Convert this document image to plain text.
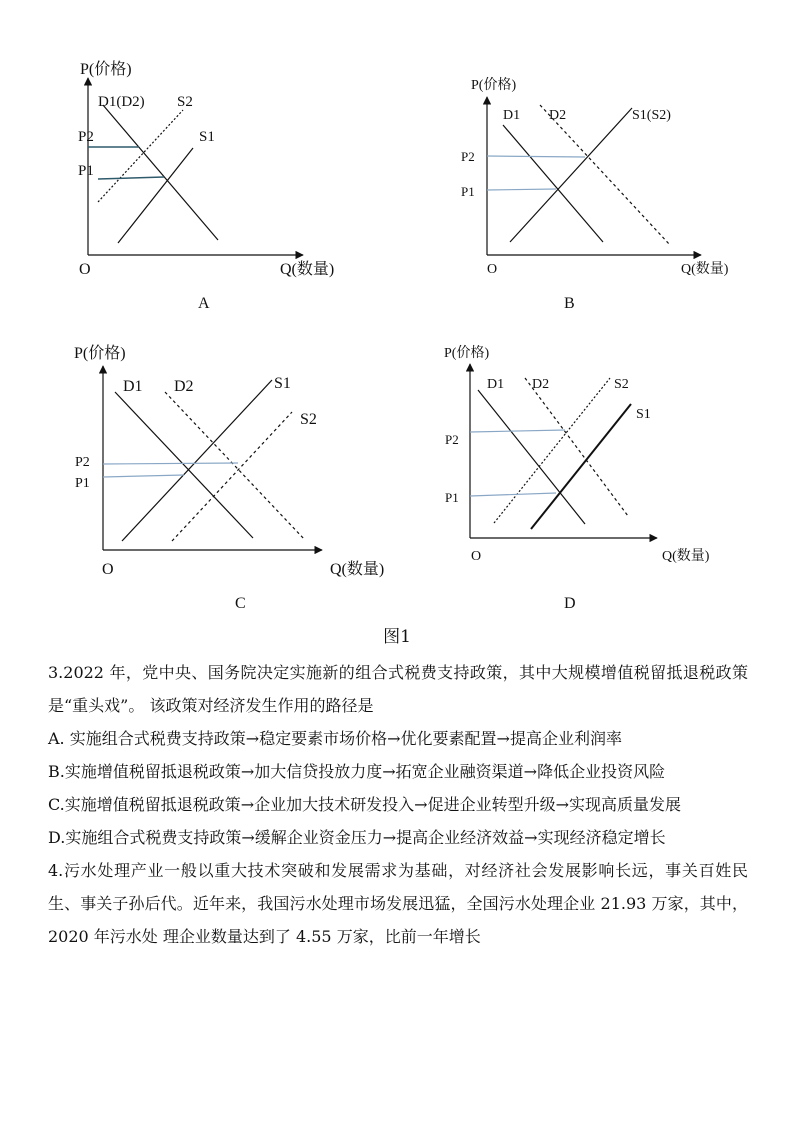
P(价格)
Q(数量)
O
D1(D2) S2
S1
P2
P1
A
P(价格)
Q(数量)
O
D1 D2	S1(S2)
P2
P1
B
P(价格)
Q(数量)
O
D1 D2	S1
S2
P2
P1
C
P(价格)
Q(数量)
O
D1 D2	S2
S1
P2
P1
D
图1

3.2022 年，党中央、国务院决定实施新的组合式税费支持政策，其中大规模增值税留抵退税政策是“重头戏”。 该政策对经济发生作用的路径是

A. 实施组合式税费支持政策→稳定要素市场价格→优化要素配置→提高企业利润率

B.实施增值税留抵退税政策→加大信贷投放力度→拓宽企业融资渠道→降低企业投资风险

C.实施增值税留抵退税政策→企业加大技术研发投入→促进企业转型升级→实现高质量发展

D.实施组合式税费支持政策→缓解企业资金压力→提高企业经济效益→实现经济稳定增长

4.污水处理产业一般以重大技术突破和发展需求为基础，对经济社会发展影响长远，事关百姓民生、事关子孙后代。近年来，我国污水处理市场发展迅猛，全国污水处理企业 21.93 万家，其中，2020 年污水处 理企业数量达到了 4.55 万家，比前一年增长
